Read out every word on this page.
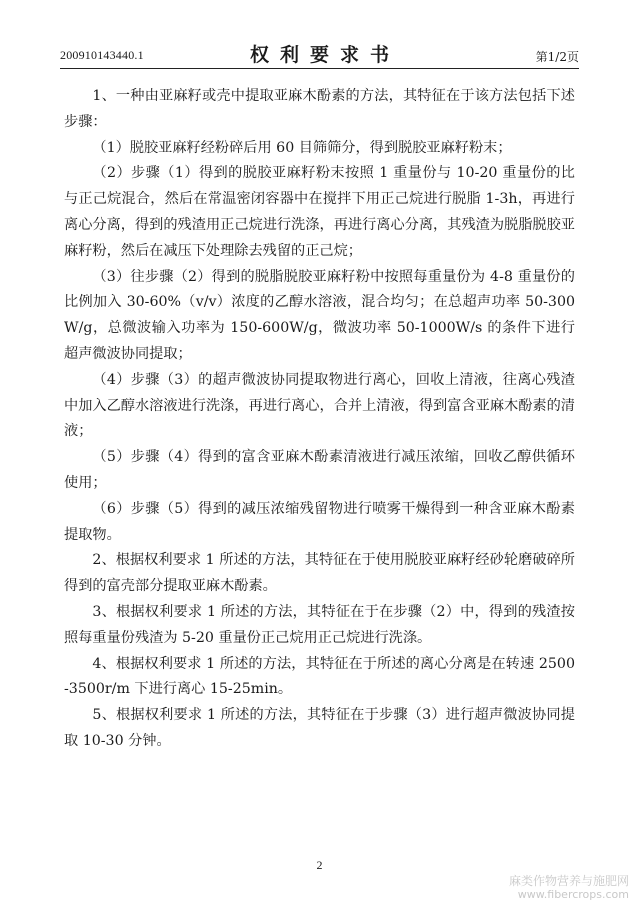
200910143440.1	权利要求书	第1/2页

1、一种由亚麻籽或壳中提取亚麻木酚素的方法，其特征在于该方法包括下述步骤：

（1）脱胶亚麻籽经粉碎后用 60 目筛筛分，得到脱胶亚麻籽粉末；

（2）步骤（1）得到的脱胶亚麻籽粉末按照 1 重量份与 10-20 重量份的比与正己烷混合，然后在常温密闭容器中在搅拌下用正己烷进行脱脂 1-3h，再进行离心分离，得到的残渣用正己烷进行洗涤，再进行离心分离，其残渣为脱脂脱胶亚麻籽粉，然后在减压下处理除去残留的正己烷；

（3）往步骤（2）得到的脱脂脱胶亚麻籽粉中按照每重量份为 4-8 重量份的比例加入 30-60%（v/v）浓度的乙醇水溶液，混合均匀；在总超声功率 50-300W/g，总微波输入功率为 150-600W/g，微波功率 50-1000W/s 的条件下进行超声微波协同提取；

（4）步骤（3）的超声微波协同提取物进行离心，回收上清液，往离心残渣中加入乙醇水溶液进行洗涤，再进行离心，合并上清液，得到富含亚麻木酚素的清液；

（5）步骤（4）得到的富含亚麻木酚素清液进行减压浓缩，回收乙醇供循环使用；

（6）步骤（5）得到的减压浓缩残留物进行喷雾干燥得到一种含亚麻木酚素提取物。

2、根据权利要求 1 所述的方法，其特征在于使用脱胶亚麻籽经砂轮磨破碎所得到的富壳部分提取亚麻木酚素。

3、根据权利要求 1 所述的方法，其特征在于在步骤（2）中，得到的残渣按照每重量份残渣为 5-20 重量份正己烷用正己烷进行洗涤。

4、根据权利要求 1 所述的方法，其特征在于所述的离心分离是在转速 2500-3500r/m 下进行离心 15-25min。

5、根据权利要求 1 所述的方法，其特征在于步骤（3）进行超声微波协同提取 10-30 分钟。

2
麻类作物营养与施肥网
www.fibercrops.com
